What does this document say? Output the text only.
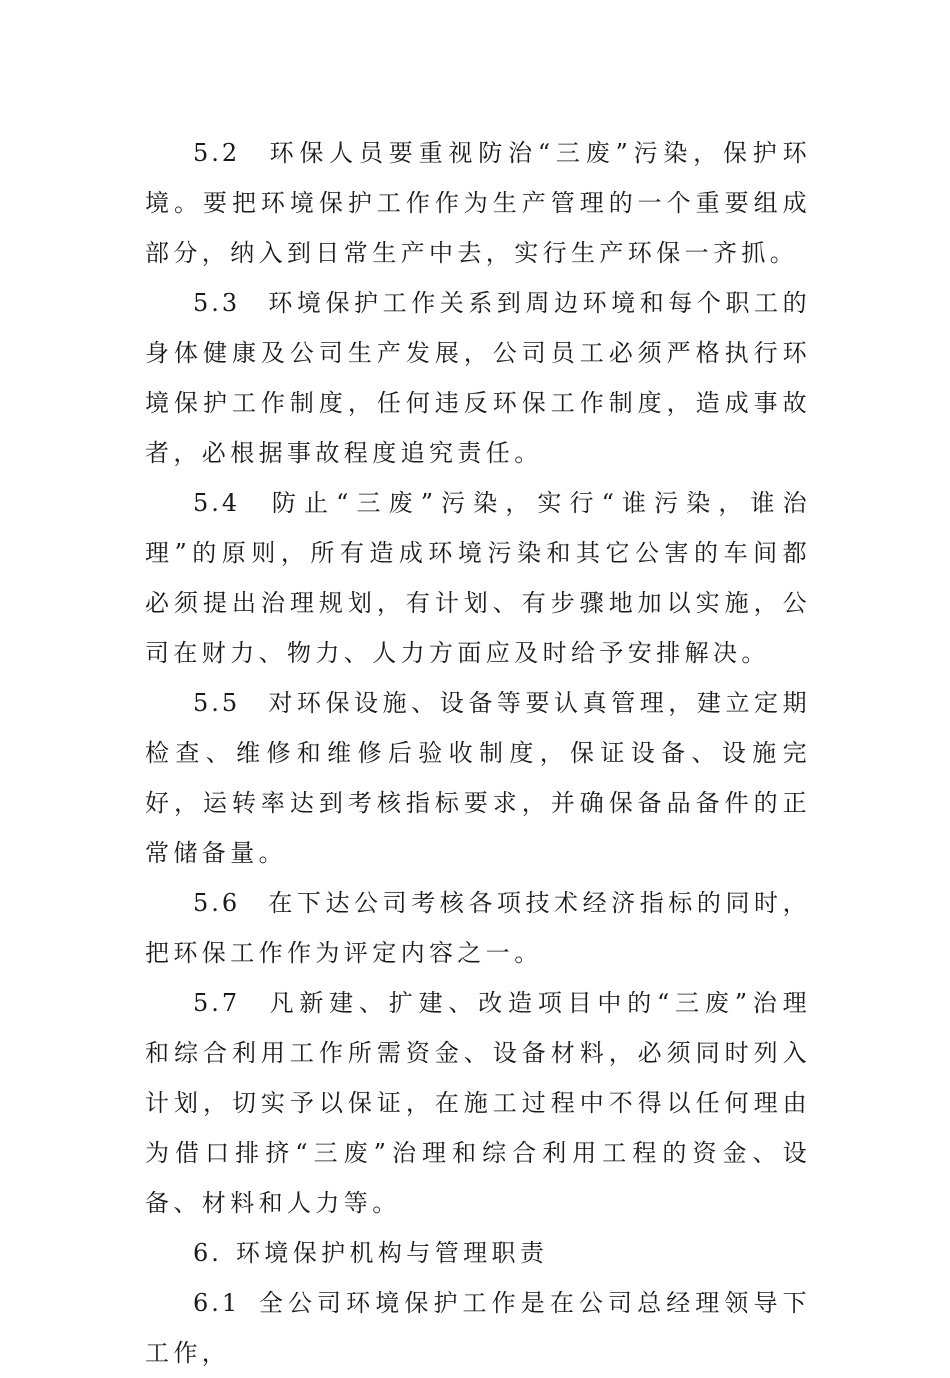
5.2 环保人员要重视防治“三废”污染，保护环境。要把环境保护工作作为生产管理的一个重要组成部分，纳入到日常生产中去，实行生产环保一齐抓。

5.3 环境保护工作关系到周边环境和每个职工的身体健康及公司生产发展，公司员工必须严格执行环境保护工作制度，任何违反环保工作制度，造成事故者，必根据事故程度追究责任。

5.4 防止“三废”污染，实行“谁污染，谁治理”的原则，所有造成环境污染和其它公害的车间都必须提出治理规划，有计划、有步骤地加以实施，公司在财力、物力、人力方面应及时给予安排解决。

5.5 对环保设施、设备等要认真管理，建立定期检查、维修和维修后验收制度，保证设备、设施完好，运转率达到考核指标要求，并确保备品备件的正常储备量。

5.6 在下达公司考核各项技术经济指标的同时，把环保工作作为评定内容之一。

5.7 凡新建、扩建、改造项目中的“三废”治理和综合利用工作所需资金、设备材料，必须同时列入计划，切实予以保证，在施工过程中不得以任何理由为借口排挤“三废”治理和综合利用工程的资金、设备、材料和人力等。

6. 环境保护机构与管理职责

6.1 全公司环境保护工作是在公司总经理领导下工作，
